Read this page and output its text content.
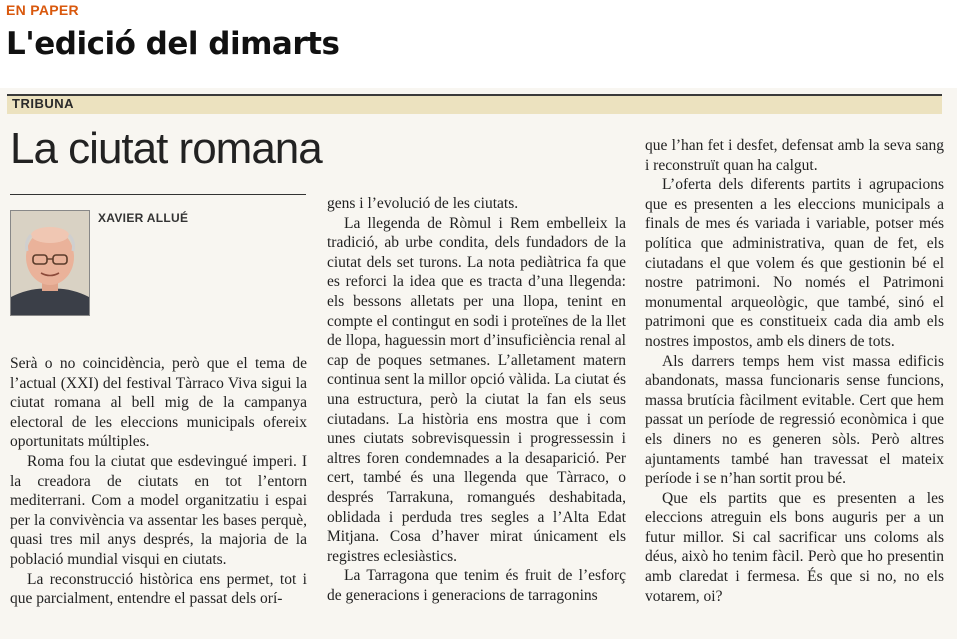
EN PAPER
L'edició del dimarts
TRIBUNA
La ciutat romana
XAVIER ALLUÉ

Serà o no coincidència, però que el tema de l’actual (XXI) del festival Tàrraco Viva sigui la ciutat romana al bell mig de la campanya electoral de les eleccions municipals ofereix oportunitats múltiples.

Roma fou la ciutat que esdevingué imperi. I la creadora de ciutats en tot l’entorn mediterrani. Com a model organitzatiu i espai per la convivència va assentar les bases perquè, quasi tres mil anys després, la majoria de la població mundial visqui en ciutats.

La reconstrucció històrica ens permet, tot i que parcialment, entendre el passat dels orí-

gens i l’evolució de les ciutats.

La llegenda de Ròmul i Rem embelleix la tradició, ab urbe condita, dels fundadors de la ciutat dels set turons. La nota pediàtrica fa que es reforci la idea que es tracta d’una llegenda: els bessons alletats per una llopa, tenint en compte el contingut en sodi i proteïnes de la llet de llopa, haguessin mort d’insuficiència renal al cap de poques setmanes. L’alletament matern continua sent la millor opció vàlida. La ciutat és una estructura, però la ciutat la fan els seus ciutadans. La història ens mostra que i com unes ciutats sobrevisquessin i progressessin i altres foren condemnades a la desaparició. Per cert, també és una llegenda que Tàrraco, o després Tarrakuna, romangués deshabitada, oblidada i perduda tres segles a l’Alta Edat Mitjana. Cosa d’haver mirat únicament els registres eclesiàstics.

La Tarragona que tenim és fruit de l’esforç de generacions i generacions de tarragonins

que l’han fet i desfet, defensat amb la seva sang i reconstruït quan ha calgut.

L’oferta dels diferents partits i agrupacions que es presenten a les eleccions municipals a finals de mes és variada i variable, potser més política que administrativa, quan de fet, els ciutadans el que volem és que gestionin bé el nostre patrimoni. No només el Patrimoni monumental arqueològic, que també, sinó el patrimoni que es constitueix cada dia amb els nostres impostos, amb els diners de tots.

Als darrers temps hem vist massa edificis abandonats, massa funcionaris sense funcions, massa brutícia fàcilment evitable. Cert que hem passat un període de regressió econòmica i que els diners no es generen sòls. Però altres ajuntaments també han travessat el mateix període i se n’han sortit prou bé.

Que els partits que es presenten a les eleccions atreguin els bons auguris per a un futur millor. Si cal sacrificar uns coloms als déus, això ho tenim fàcil. Però que ho presentin amb claredat i fermesa. És que si no, no els votarem, oi?
